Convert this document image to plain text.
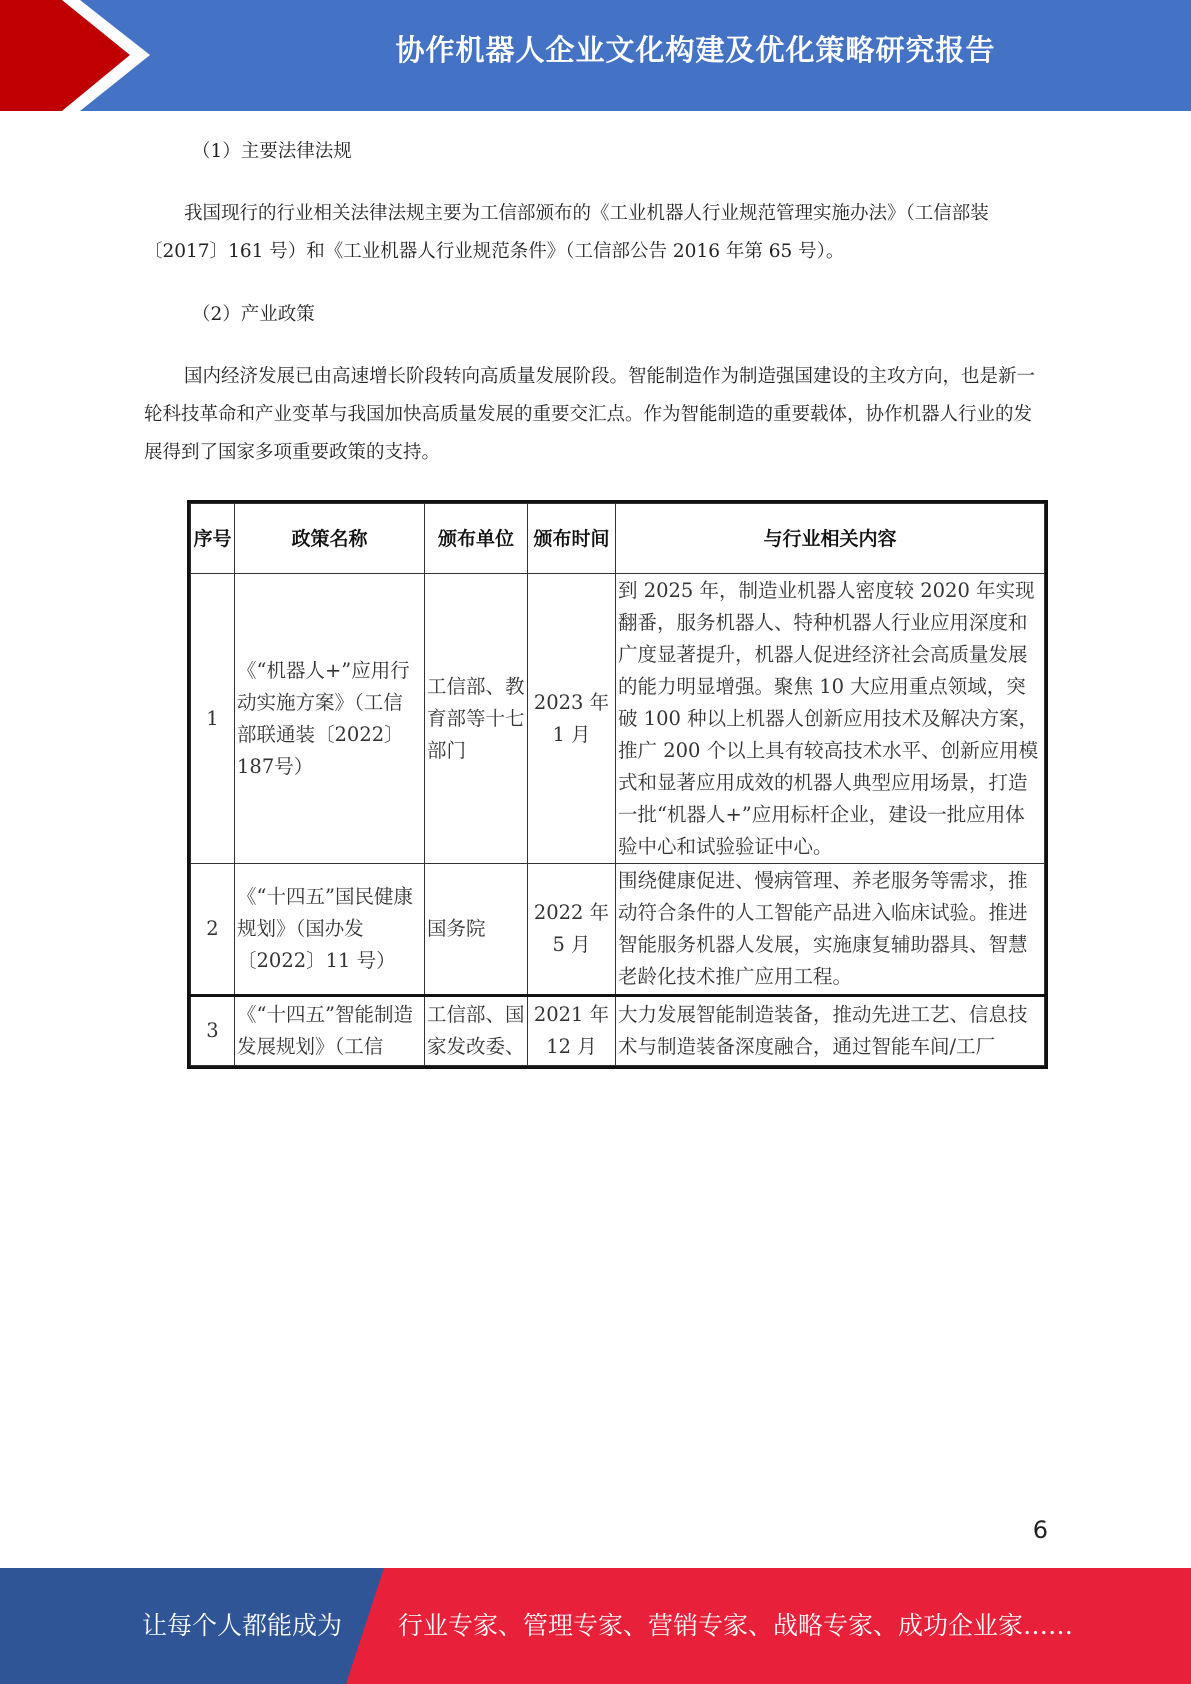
协作机器人企业文化构建及优化策略研究报告
（1）主要法律法规
我国现行的行业相关法律法规主要为工信部颁布的《工业机器人行业规范管理实施办法》（工信部装〔2017〕161 号）和《工业机器人行业规范条件》（工信部公告 2016 年第 65 号）。
（2）产业政策
国内经济发展已由高速增长阶段转向高质量发展阶段。智能制造作为制造强国建设的主攻方向，也是新一轮科技革命和产业变革与我国加快高质量发展的重要交汇点。作为智能制造的重要载体，协作机器人行业的发展得到了国家多项重要政策的支持。
序号	政策名称	颁布单位	颁布时间	与行业相关内容
1	《“机器人+”应用行动实施方案》（工信部联通装〔2022〕187号）	工信部、教育部等十七部门	2023 年 1 月	到 2025 年，制造业机器人密度较 2020 年实现翻番，服务机器人、特种机器人行业应用深度和广度显著提升，机器人促进经济社会高质量发展的能力明显增强。聚焦 10 大应用重点领域，突破 100 种以上机器人创新应用技术及解决方案，推广 200 个以上具有较高技术水平、创新应用模式和显著应用成效的机器人典型应用场景，打造一批“机器人+”应用标杆企业，建设一批应用体验中心和试验验证中心。
2	《“十四五”国民健康规划》（国办发〔2022〕11 号）	国务院	2022 年 5 月	围绕健康促进、慢病管理、养老服务等需求，推动符合条件的人工智能产品进入临床试验。推进智能服务机器人发展，实施康复辅助器具、智慧老龄化技术推广应用工程。
3	《“十四五”智能制造发展规划》（工信	工信部、国家发改委、	2021 年 12 月	大力发展智能制造装备，推动先进工艺、信息技术与制造装备深度融合，通过智能车间/工厂
6
让每个人都能成为 行业专家、管理专家、营销专家、战略专家、成功企业家……
